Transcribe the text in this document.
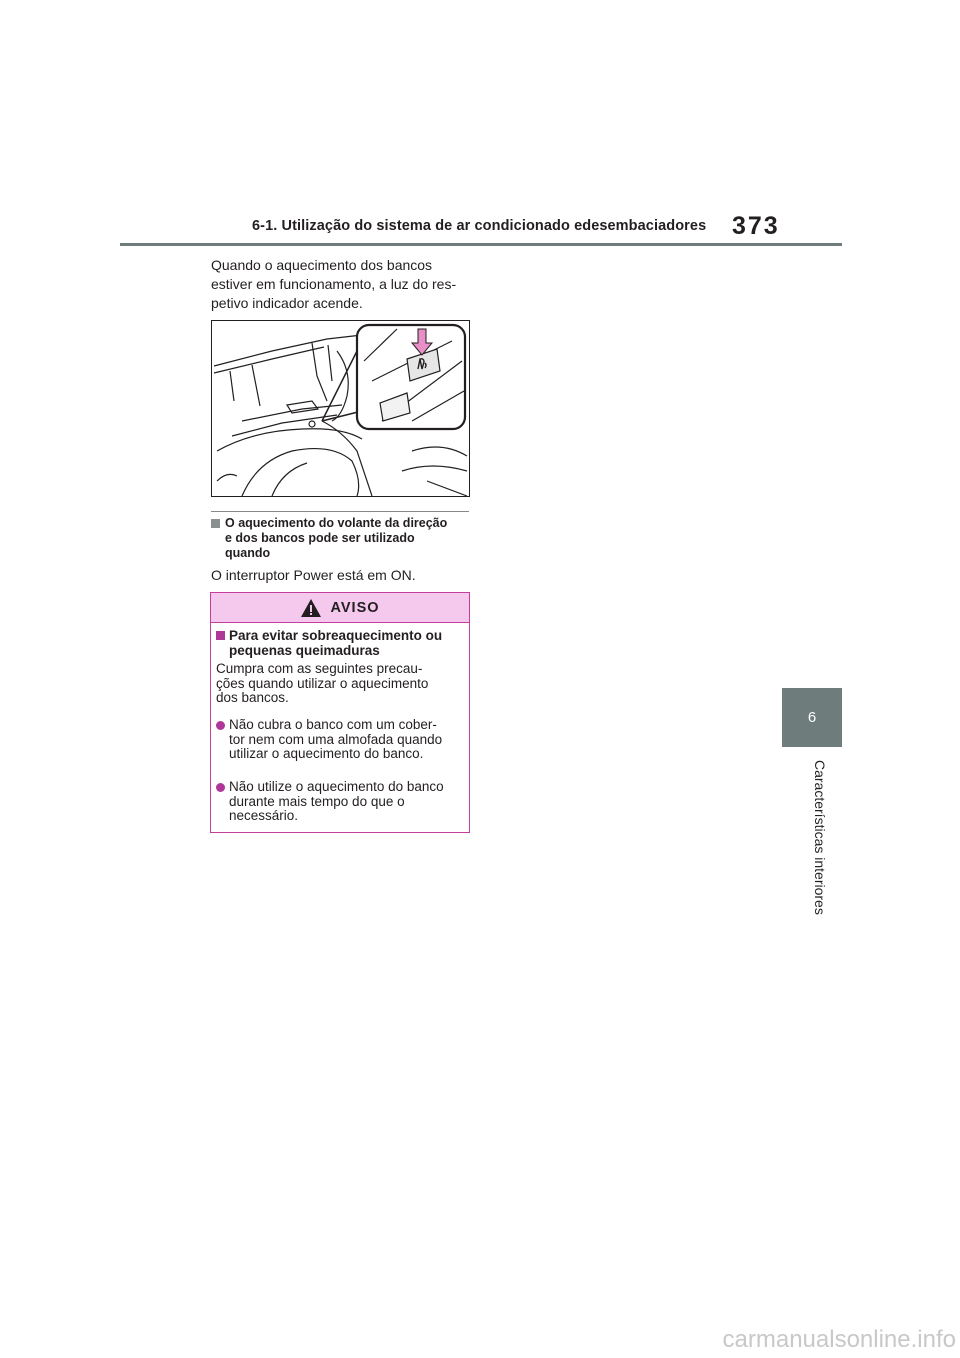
6-1. Utilização do sistema de ar condicionado edesembaciadores 373
6
Características interiores
Quando o aquecimento dos bancos
estiver em funcionamento, a luz do res-
petivo indicador acende.
O aquecimento do volante da direção
e dos bancos pode ser utilizado
quando
O interruptor Power está em ON.
AVISO
Para evitar sobreaquecimento ou
pequenas queimaduras
Cumpra com as seguintes precau-
ções quando utilizar o aquecimento
dos bancos.
Não cubra o banco com um cober-
tor nem com uma almofada quando
utilizar o aquecimento do banco.
Não utilize o aquecimento do banco
durante mais tempo do que o
necessário.
carmanualsonline.info
